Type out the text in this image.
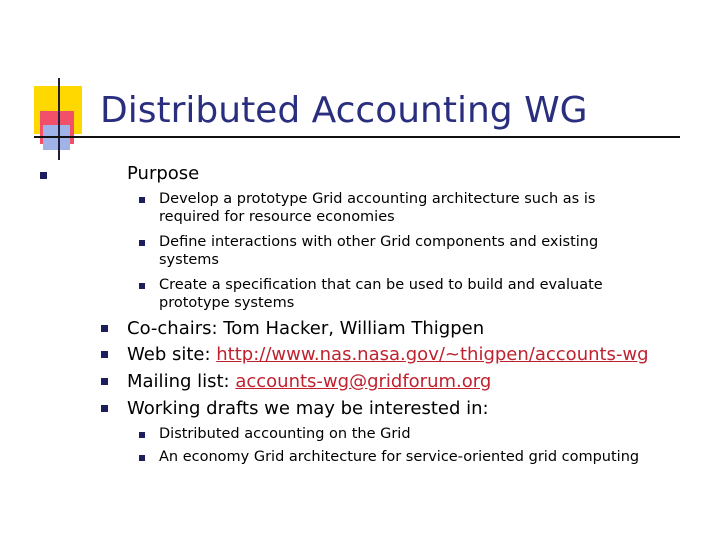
Distributed Accounting WG
Purpose
Develop a prototype Grid accounting architecture such as is
required for resource economies
Define interactions with other Grid components and existing
systems
Create a specification that can be used to build and evaluate
prototype systems
Co-chairs: Tom Hacker, William Thigpen
Web site: http://www.nas.nasa.gov/~thigpen/accounts-wg
Mailing list: accounts-wg@gridforum.org
Working drafts we may be interested in:
Distributed accounting on the Grid
An economy Grid architecture for service-oriented grid computing
